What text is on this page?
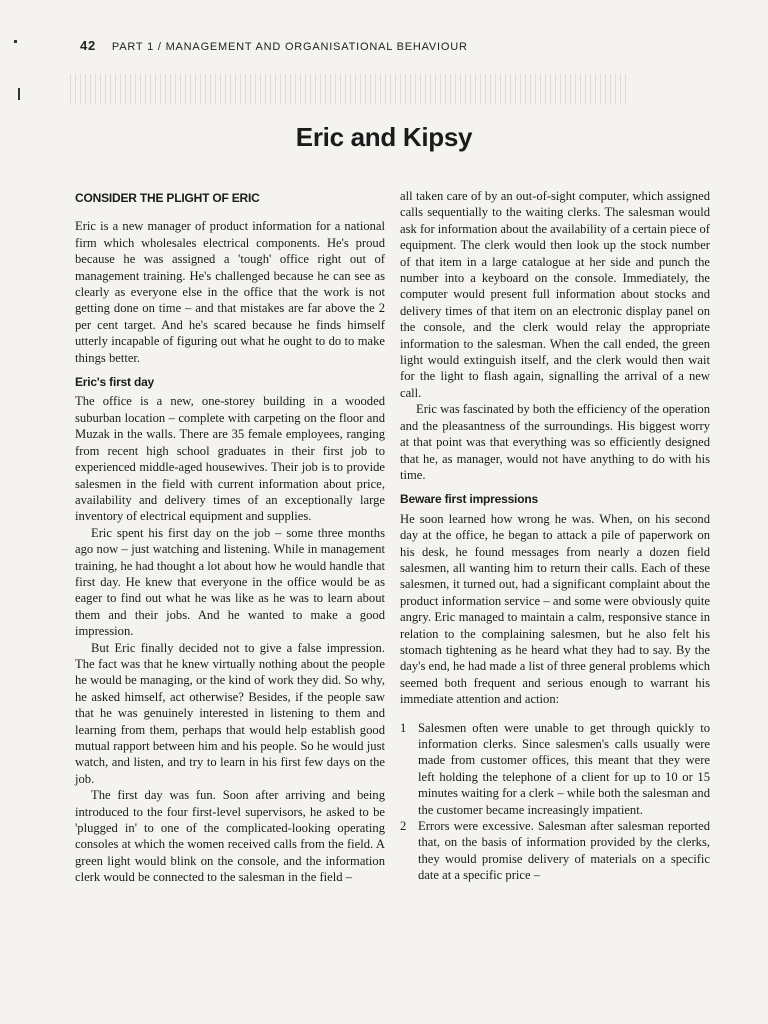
42 PART 1 / MANAGEMENT AND ORGANISATIONAL BEHAVIOUR
Eric and Kipsy
CONSIDER THE PLIGHT OF ERIC

Eric is a new manager of product information for a national firm which wholesales electrical components. He's proud because he was assigned a 'tough' office right out of management training. He's challenged because he can see as clearly as everyone else in the office that the work is not getting done on time – and that mistakes are far above the 2 per cent target. And he's scared because he finds himself utterly incapable of figuring out what he ought to do to make things better.

Eric's first day

The office is a new, one-storey building in a wooded suburban location – complete with carpeting on the floor and Muzak in the walls. There are 35 female employees, ranging from recent high school graduates in their first job to experienced middle-aged housewives. Their job is to provide salesmen in the field with current information about price, availability and delivery times of an exceptionally large inventory of electrical equipment and supplies.

Eric spent his first day on the job – some three months ago now – just watching and listening. While in management training, he had thought a lot about how he would handle that first day. He knew that everyone in the office would be as eager to find out what he was like as he was to learn about them and their jobs. And he wanted to make a good impression.

But Eric finally decided not to give a false impression. The fact was that he knew virtually nothing about the people he would be managing, or the kind of work they did. So why, he asked himself, act otherwise? Besides, if the people saw that he was genuinely interested in listening to them and learning from them, perhaps that would help establish good mutual rapport between him and his people. So he would just watch, and listen, and try to learn in his first few days on the job.

The first day was fun. Soon after arriving and being introduced to the four first-level supervisors, he asked to be 'plugged in' to one of the complicated-looking operating consoles at which the women received calls from the field. A green light would blink on the console, and the information clerk would be connected to the salesman in the field –

all taken care of by an out-of-sight computer, which assigned calls sequentially to the waiting clerks. The salesman would ask for information about the availability of a certain piece of equipment. The clerk would then look up the stock number of that item in a large catalogue at her side and punch the number into a keyboard on the console. Immediately, the computer would present full information about stocks and delivery times of that item on an electronic display panel on the console, and the clerk would relay the appropriate information to the salesman. When the call ended, the green light would extinguish itself, and the clerk would then wait for the light to flash again, signalling the arrival of a new call.

Eric was fascinated by both the efficiency of the operation and the pleasantness of the surroundings. His biggest worry at that point was that everything was so efficiently designed that he, as manager, would not have anything to do with his time.

Beware first impressions

He soon learned how wrong he was. When, on his second day at the office, he began to attack a pile of paperwork on his desk, he found messages from nearly a dozen field salesmen, all wanting him to return their calls. Each of these salesmen, it turned out, had a significant complaint about the product information service – and some were obviously quite angry. Eric managed to maintain a calm, responsive stance in relation to the complaining salesmen, but he also felt his stomach tightening as he heard what they had to say. By the day's end, he had made a list of three general problems which seemed both frequent and serious enough to warrant his immediate attention and action:

1 Salesmen often were unable to get through quickly to information clerks. Since salesmen's calls usually were made from customer offices, this meant that they were left holding the telephone of a client for up to 10 or 15 minutes waiting for a clerk – while both the salesman and the customer became increasingly impatient.
2 Errors were excessive. Salesman after salesman reported that, on the basis of information provided by the clerks, they would promise delivery of materials on a specific date at a specific price –
